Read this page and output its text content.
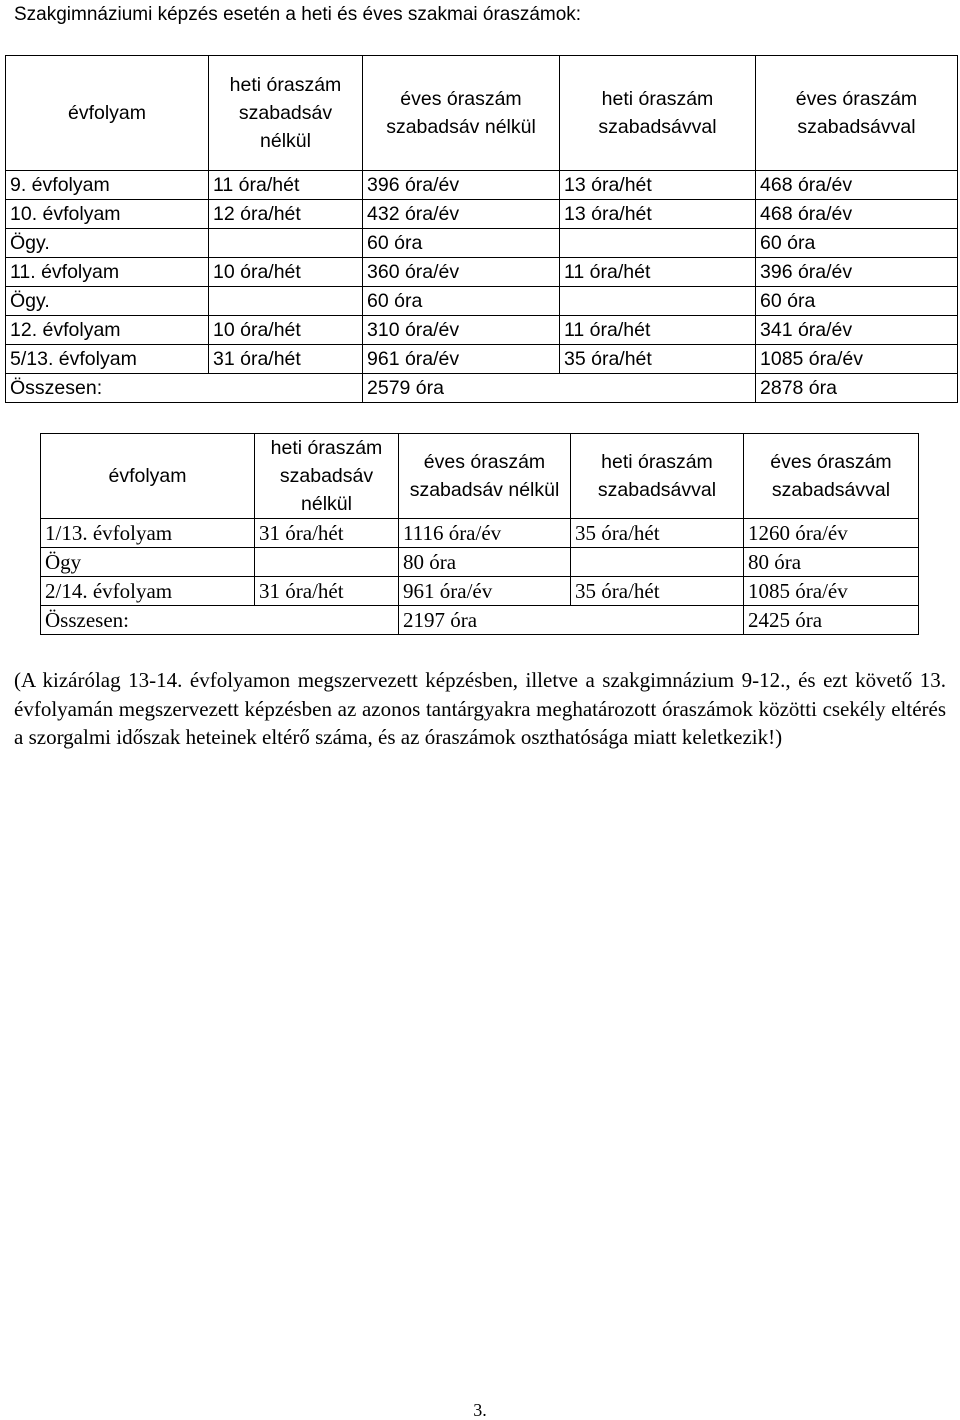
Szakgimnáziumi képzés esetén a heti és éves szakmai óraszámok:
évfolyam	heti óraszám szabadsáv nélkül	éves óraszám szabadsáv nélkül	heti óraszám szabadsávval	éves óraszám szabadsávval
9. évfolyam	11 óra/hét	396 óra/év	13 óra/hét	468 óra/év
10. évfolyam	12 óra/hét	432 óra/év	13 óra/hét	468 óra/év
Ögy.		60 óra		60 óra
11. évfolyam	10 óra/hét	360 óra/év	11 óra/hét	396 óra/év
Ögy.		60 óra		60 óra
12. évfolyam	10 óra/hét	310 óra/év	11 óra/hét	341 óra/év
5/13. évfolyam	31 óra/hét	961 óra/év	35 óra/hét	1085 óra/év
Összesen:		2579 óra		2878 óra
évfolyam	heti óraszám szabadsáv nélkül	éves óraszám szabadsáv nélkül	heti óraszám szabadsávval	éves óraszám szabadsávval
1/13. évfolyam	31 óra/hét	1116 óra/év	35 óra/hét	1260 óra/év
Ögy		80 óra		80 óra
2/14. évfolyam	31 óra/hét	961 óra/év	35 óra/hét	1085 óra/év
Összesen:		2197 óra		2425 óra
(A kizárólag 13-14. évfolyamon megszervezett képzésben, illetve a szakgimnázium 9-12., és ezt követő 13. évfolyamán megszervezett képzésben az azonos tantárgyakra meghatározott óraszámok közötti csekély eltérés a szorgalmi időszak heteinek eltérő száma, és az óraszámok oszthatósága miatt keletkezik!)
3.
